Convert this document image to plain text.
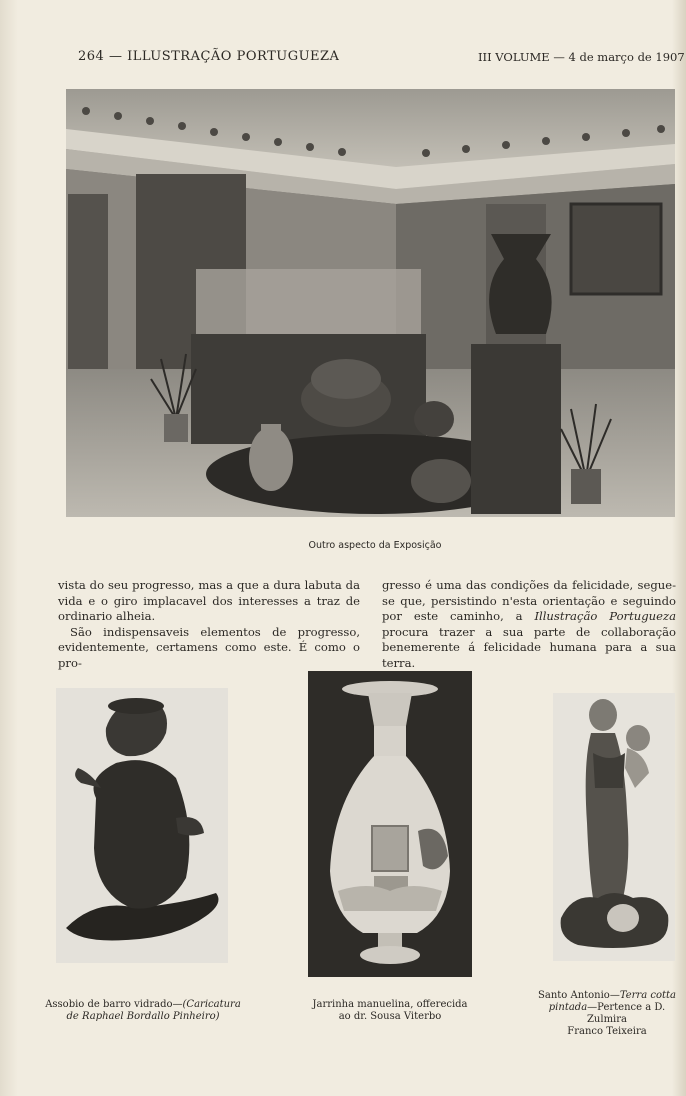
264 — ILLUSTRAÇÃO PORTUGUEZA	III VOLUME — 4 de março de 1907
Outro aspecto da Exposição

vista do seu progresso, mas a que a dura labuta da vida e o giro implacavel dos interesses a traz de ordinario alheia.

São indispensaveis elementos de progresso, evidentemente, certamens como este. É como o pro-

gresso é uma das condições da felicidade, segue-se que, persistindo n'esta orientação e seguindo por este caminho, a Illustração Portugueza procura trazer a sua parte de collaboração benemerente á felicidade humana para a sua terra.

Assobio de barro vidrado—(Caricatura
de Raphael Bordallo Pinheiro)
Jarrinha manuelina, offerecida
ao dr. Sousa Viterbo
Santo Antonio—Terra cotta
pintada—Pertence a D. Zulmira
Franco Teixeira
